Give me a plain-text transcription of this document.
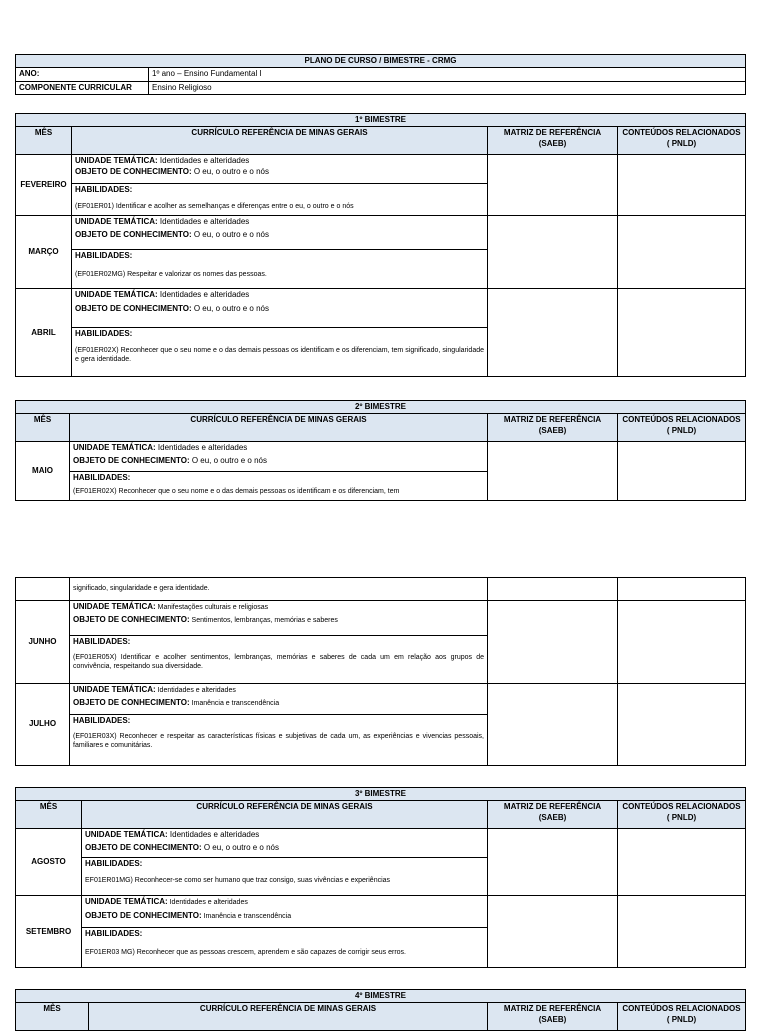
PLANO DE CURSO / BIMESTRE - CRMG	
ANO:	1º ano – Ensino Fundamental I
COMPONENTE CURRICULAR	Ensino Religioso
1º BIMESTRE			
MÊS	CURRÍCULO REFERÊNCIA DE MINAS GERAIS	MATRIZ DE REFERÊNCIA (SAEB)	CONTEÚDOS RELACIONADOS ( PNLD)
FEVEREIRO	UNIDADE TEMÁTICA: Identidades e alteridades
OBJETO DE CONHECIMENTO: O eu, o outro e o nós
HABILIDADES:
(EF01ER01) Identificar e acolher as semelhanças e diferenças entre o eu, o outro e o nós		

MARÇO	UNIDADE TEMÁTICA: Identidades e alteridades
OBJETO DE CONHECIMENTO: O eu, o outro e o nós
HABILIDADES:
(EF01ER02MG) Respeitar e valorizar os nomes das pessoas.		

ABRIL	UNIDADE TEMÁTICA: Identidades e alteridades
OBJETO DE CONHECIMENTO: O eu, o outro e o nós
HABILIDADES:
(EF01ER02X) Reconhecer que o seu nome e o das demais pessoas os identificam e os diferenciam, tem significado, singularidade e gera identidade.		

2º BIMESTRE			
MÊS	CURRÍCULO REFERÊNCIA DE MINAS GERAIS	MATRIZ DE REFERÊNCIA (SAEB)	CONTEÚDOS RELACIONADOS ( PNLD)
MAIO	UNIDADE TEMÁTICA: Identidades e alteridades
OBJETO DE CONHECIMENTO: O eu, o outro e o nós
HABILIDADES:
(EF01ER02X) Reconhecer que o seu nome e o das demais pessoas os identificam e os diferenciam, tem		

	significado, singularidade e gera identidade.		
JUNHO	UNIDADE TEMÁTICA: Manifestações culturais e religiosas
OBJETO DE CONHECIMENTO: Sentimentos, lembranças, memórias e saberes
HABILIDADES:
(EF01ER05X) Identificar e acolher sentimentos, lembranças, memórias e saberes de cada um em relação aos grupos de convivência, respeitando sua diversidade.		

JULHO	UNIDADE TEMÁTICA: Identidades e alteridades
OBJETO DE CONHECIMENTO: Imanência e transcendência
HABILIDADES:
(EF01ER03X) Reconhecer e respeitar as características físicas e subjetivas de cada um, as experiências e vivencias pessoais, familiares e comunitárias.		

3º BIMESTRE			
MÊS	CURRÍCULO REFERÊNCIA DE MINAS GERAIS	MATRIZ DE REFERÊNCIA (SAEB)	CONTEÚDOS RELACIONADOS ( PNLD)
AGOSTO	UNIDADE TEMÁTICA: Identidades e alteridades
OBJETO DE CONHECIMENTO: O eu, o outro e o nós
HABILIDADES:
EF01ER01MG) Reconhecer-se como ser humano que traz consigo, suas vivências e experiências		

SETEMBRO	UNIDADE TEMÁTICA: Identidades e alteridades
OBJETO DE CONHECIMENTO: Imanência e transcendência
HABILIDADES:
EF01ER03 MG) Reconhecer que as pessoas crescem, aprendem e são capazes de corrigir seus erros.		

4º BIMESTRE
MÊS	CURRÍCULO REFERÊNCIA DE MINAS GERAIS	MATRIZ DE REFERÊNCIA (SAEB)	CONTEÚDOS RELACIONADOS ( PNLD)
